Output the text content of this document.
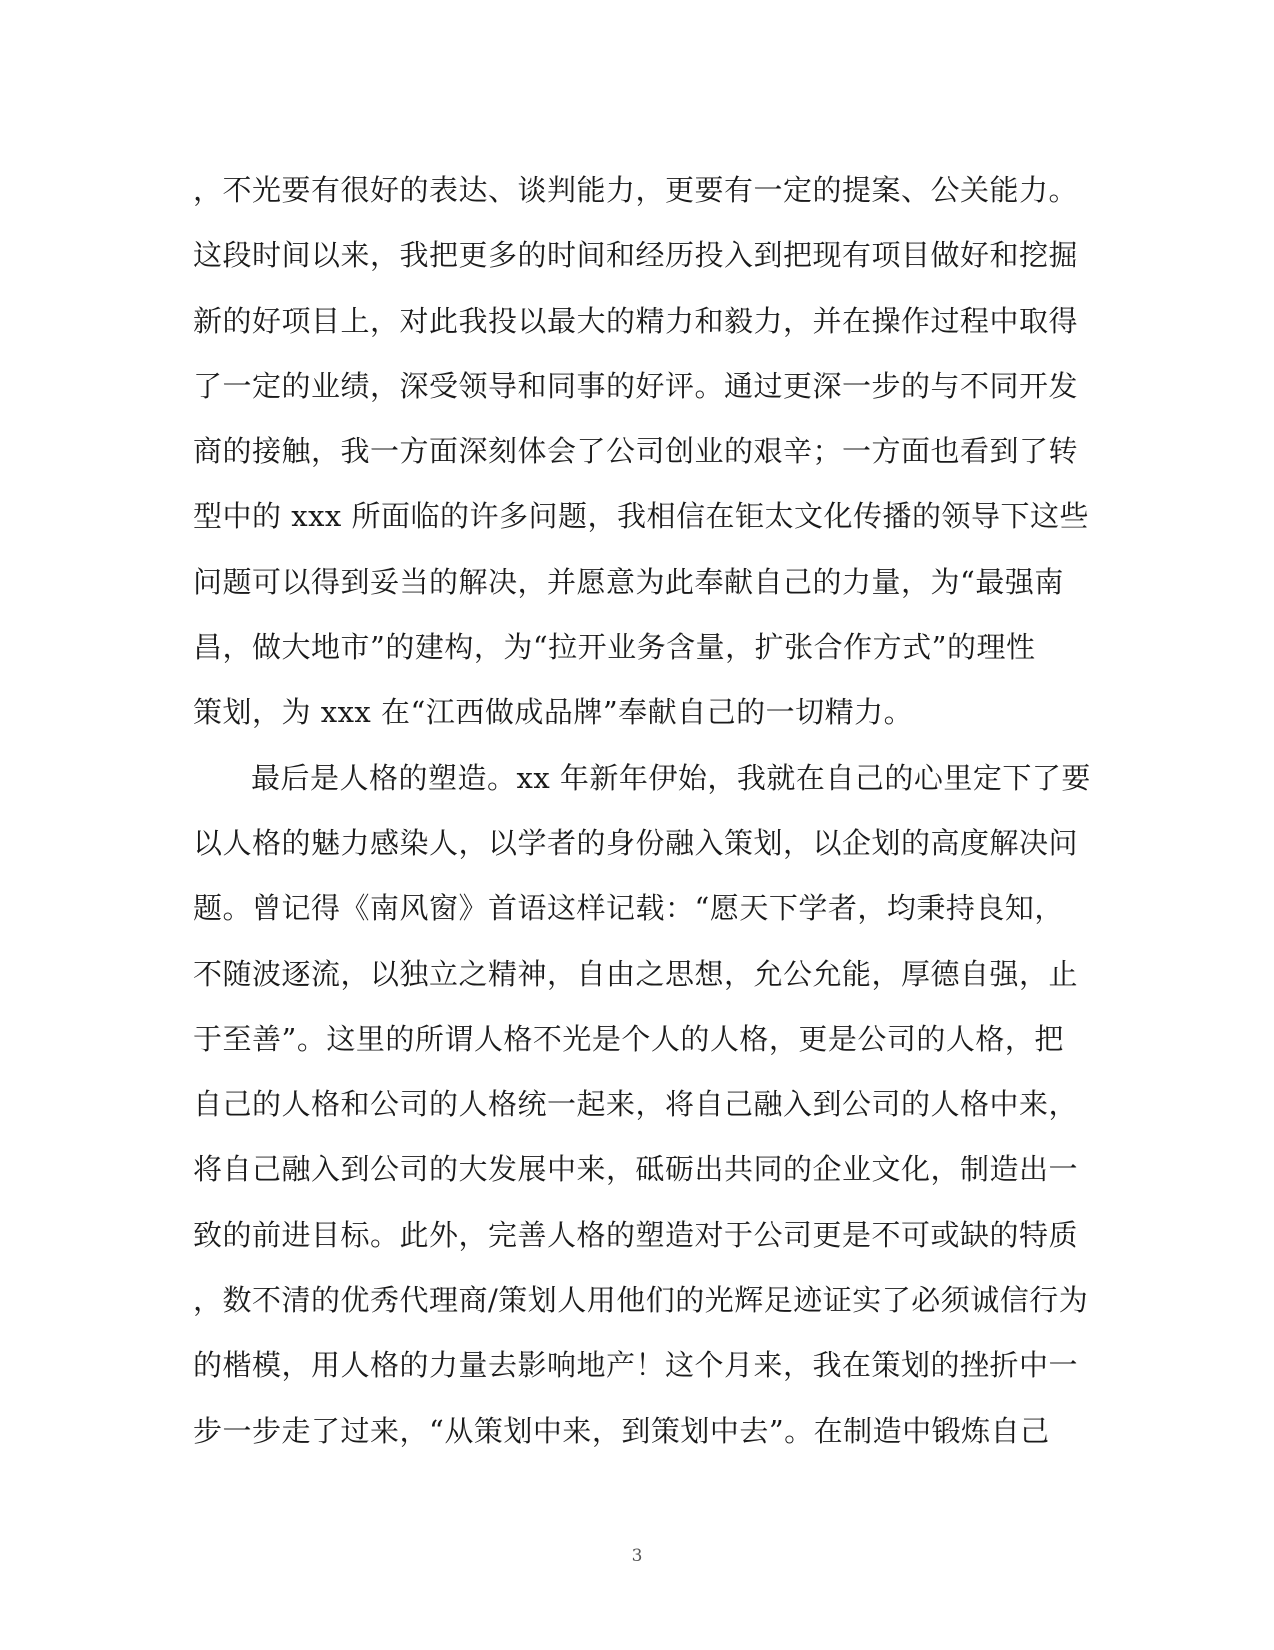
，不光要有很好的表达、谈判能力，更要有一定的提案、公关能力。
这段时间以来，我把更多的时间和经历投入到把现有项目做好和挖掘
新的好项目上，对此我投以最大的精力和毅力，并在操作过程中取得
了一定的业绩，深受领导和同事的好评。通过更深一步的与不同开发
商的接触，我一方面深刻体会了公司创业的艰辛；一方面也看到了转
型中的 xxx 所面临的许多问题，我相信在钜太文化传播的领导下这些
问题可以得到妥当的解决，并愿意为此奉献自己的力量，为“最强南
昌，做大地市”的建构，为“拉开业务含量，扩张合作方式”的理性
策划，为 xxx 在“江西做成品牌”奉献自己的一切精力。
最后是人格的塑造。xx 年新年伊始，我就在自己的心里定下了要
以人格的魅力感染人，以学者的身份融入策划，以企划的高度解决问
题。曾记得《南风窗》首语这样记载：“愿天下学者，均秉持良知，
不随波逐流，以独立之精神，自由之思想，允公允能，厚德自强，止
于至善”。这里的所谓人格不光是个人的人格，更是公司的人格，把
自己的人格和公司的人格统一起来，将自己融入到公司的人格中来，
将自己融入到公司的大发展中来，砥砺出共同的企业文化，制造出一
致的前进目标。此外，完善人格的塑造对于公司更是不可或缺的特质
，数不清的优秀代理商/策划人用他们的光辉足迹证实了必须诚信行为
的楷模，用人格的力量去影响地产！这个月来，我在策划的挫折中一
步一步走了过来，“从策划中来，到策划中去”。在制造中锻炼自己
3
